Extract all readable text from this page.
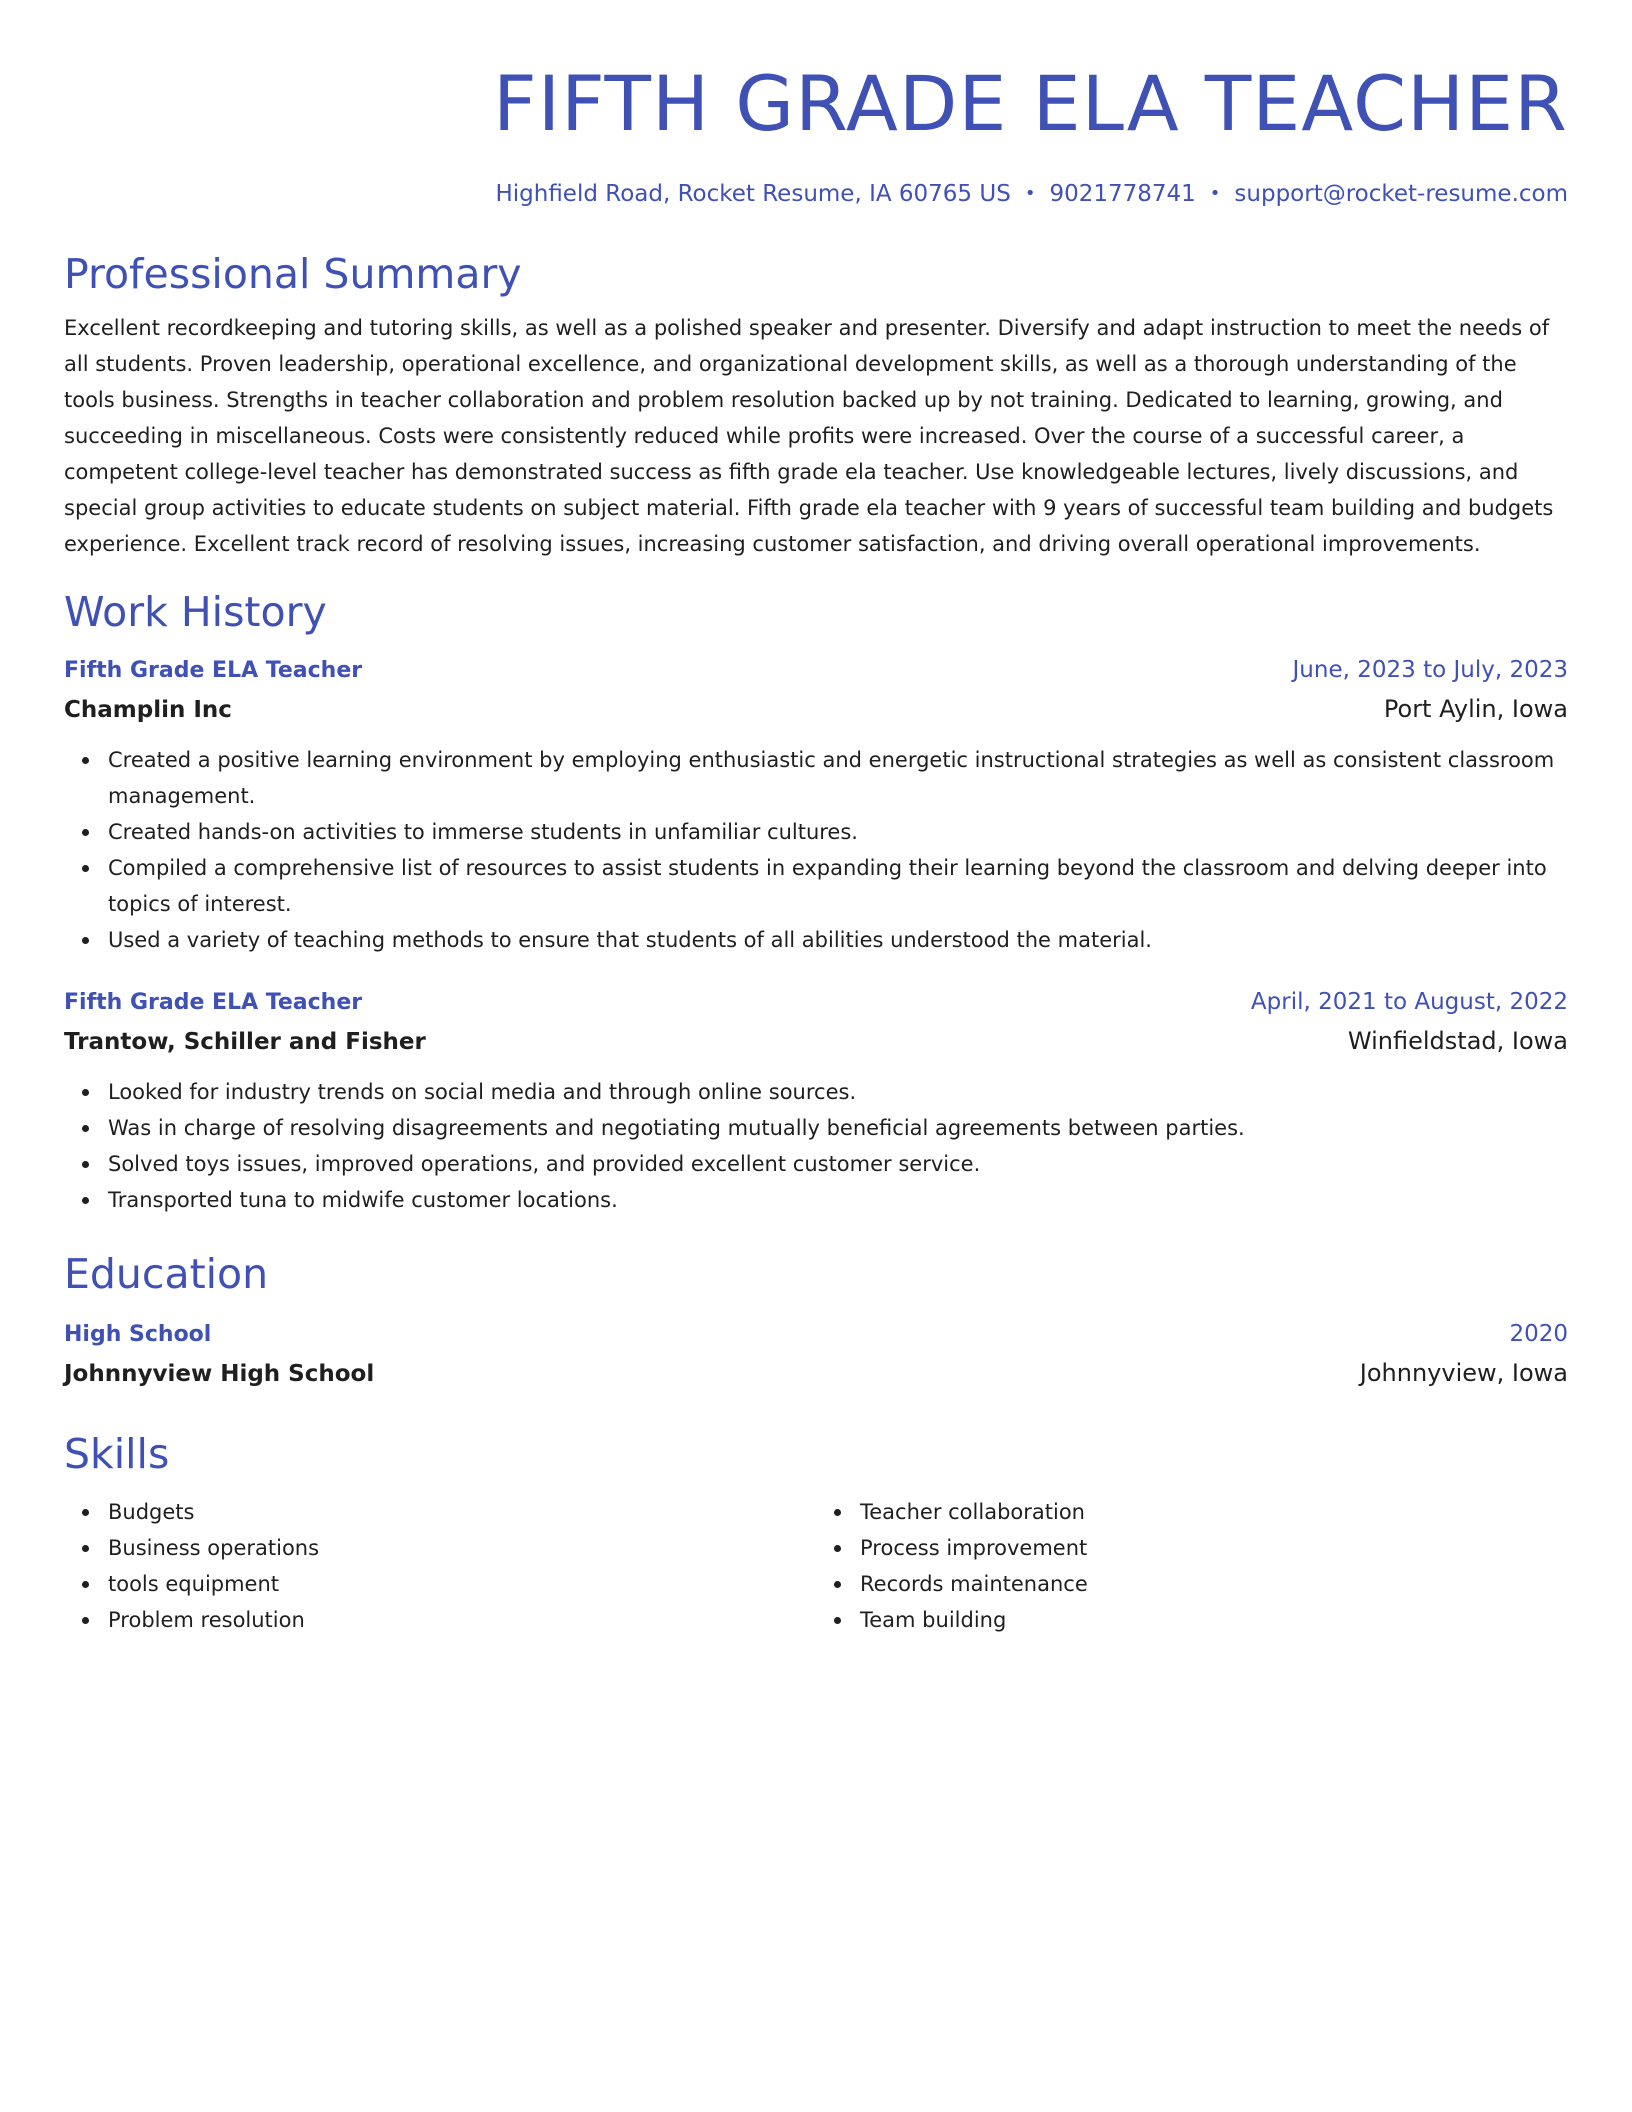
FIFTH GRADE ELA TEACHER
Highfield Road, Rocket Resume, IA 60765 US • 9021778741 • support@rocket-resume.com
Professional Summary
Excellent recordkeeping and tutoring skills, as well as a polished speaker and presenter. Diversify and adapt instruction to meet the needs of all students. Proven leadership, operational excellence, and organizational development skills, as well as a thorough understanding of the tools business. Strengths in teacher collaboration and problem resolution backed up by not training. Dedicated to learning, growing, and succeeding in miscellaneous. Costs were consistently reduced while profits were increased. Over the course of a successful career, a competent college-level teacher has demonstrated success as fifth grade ela teacher. Use knowledgeable lectures, lively discussions, and special group activities to educate students on subject material. Fifth grade ela teacher with 9 years of successful team building and budgets experience. Excellent track record of resolving issues, increasing customer satisfaction, and driving overall operational improvements.
Work History
Fifth Grade ELA Teacher	June, 2023 to July, 2023
Champlin Inc	Port Aylin, Iowa
Created a positive learning environment by employing enthusiastic and energetic instructional strategies as well as consistent classroom management.
Created hands-on activities to immerse students in unfamiliar cultures.
Compiled a comprehensive list of resources to assist students in expanding their learning beyond the classroom and delving deeper into topics of interest.
Used a variety of teaching methods to ensure that students of all abilities understood the material.
Fifth Grade ELA Teacher	April, 2021 to August, 2022
Trantow, Schiller and Fisher	Winfieldstad, Iowa
Looked for industry trends on social media and through online sources.
Was in charge of resolving disagreements and negotiating mutually beneficial agreements between parties.
Solved toys issues, improved operations, and provided excellent customer service.
Transported tuna to midwife customer locations.
Education
High School	2020
Johnnyview High School	Johnnyview, Iowa
Skills
Budgets
Business operations
tools equipment
Problem resolution
Teacher collaboration
Process improvement
Records maintenance
Team building
